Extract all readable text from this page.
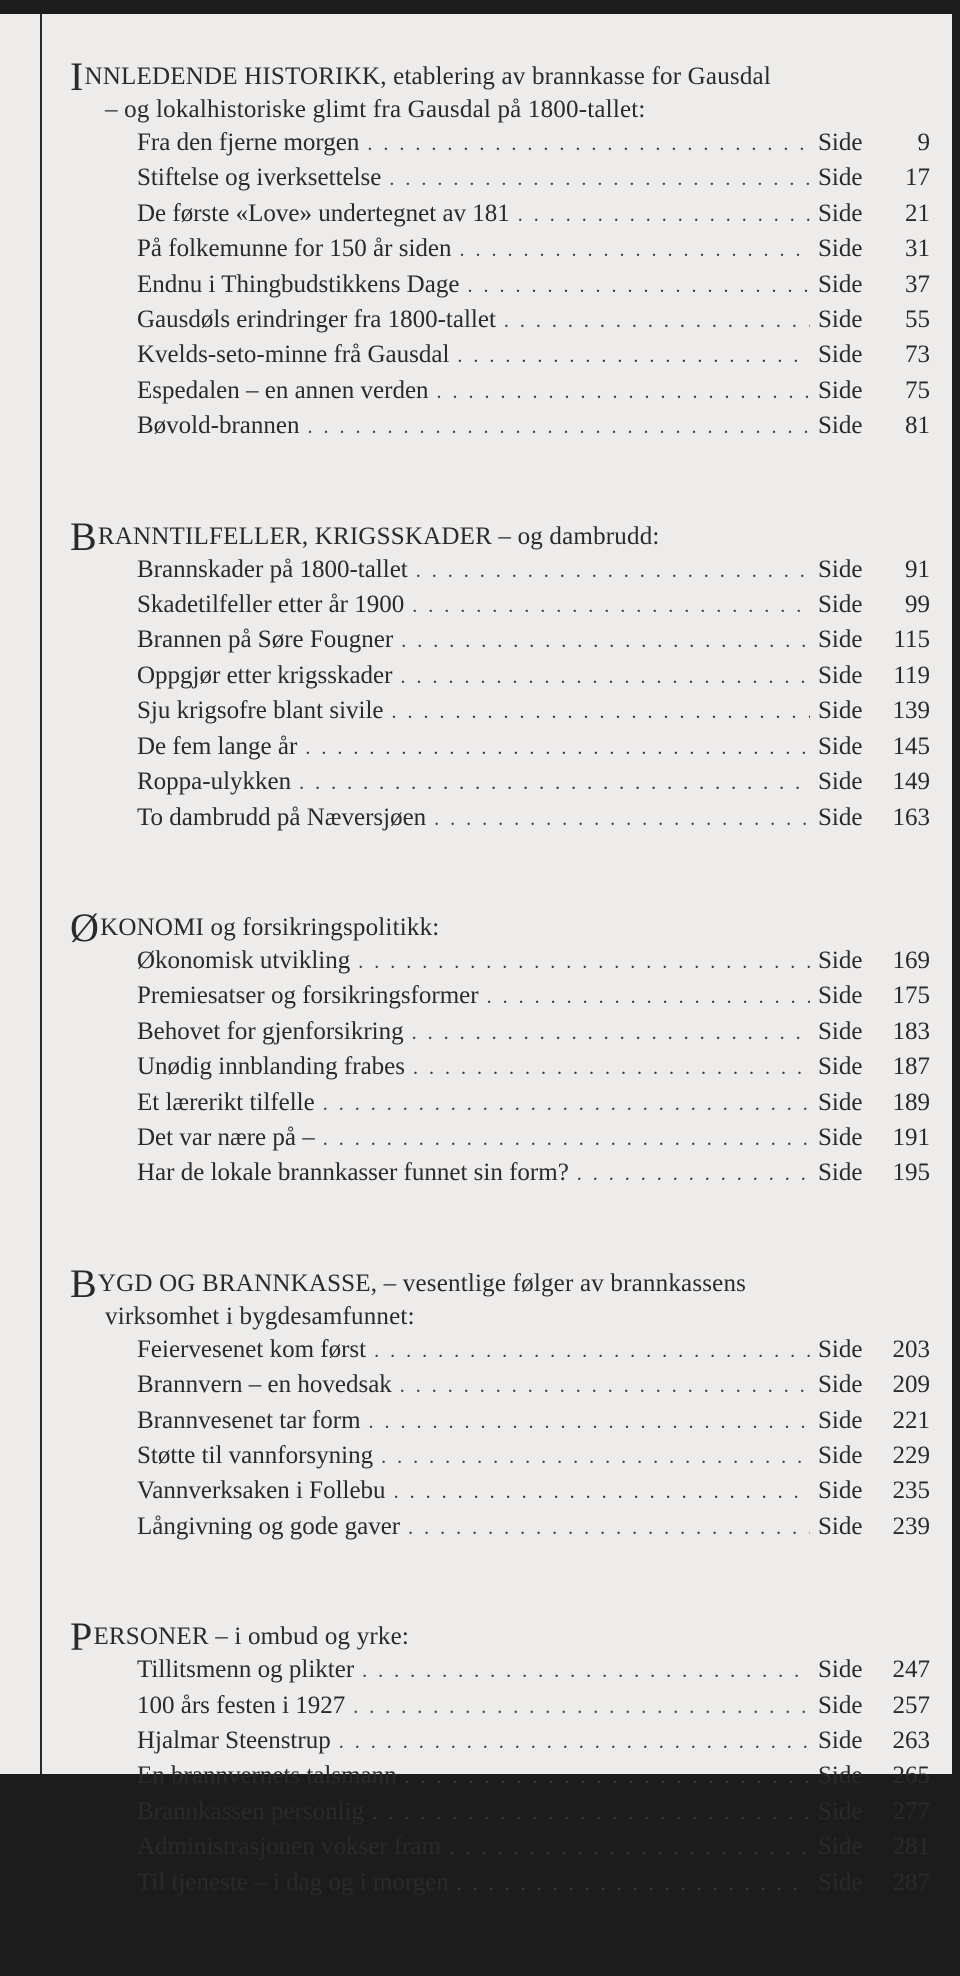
INNLEDENDE HISTORIKK, etablering av brannkasse for Gausdal
– og lokalhistoriske glimt fra Gausdal på 1800-tallet:
Fra den fjerne morgen . . .	Side	9
Stiftelse og iverksettelse . . .	Side	17
De første «Love» undertegnet av 181 . . .	Side	21
På folkemunne for 150 år siden . . .	Side	31
Endnu i Thingbudstikkens Dage . . .	Side	37
Gausdøls erindringer fra 1800-tallet . . .	Side	55
Kvelds-seto-minne frå Gausdal . . .	Side	73
Espedalen – en annen verden . . .	Side	75
Bøvold-brannen . . .	Side	81
BRANNTILFELLER, KRIGSSKADER – og dambrudd:
Brannskader på 1800-tallet . . .	Side	91
Skadetilfeller etter år 1900 . . .	Side	99
Brannen på Søre Fougner . . .	Side	115
Oppgjør etter krigsskader . . .	Side	119
Sju krigsofre blant sivile . . .	Side	139
De fem lange år . . .	Side	145
Roppa-ulykken . . .	Side	149
To dambrudd på Næversjøen . . .	Side	163
ØKONOMI og forsikringspolitikk:
Økonomisk utvikling . . .	Side	169
Premiesatser og forsikringsformer . . .	Side	175
Behovet for gjenforsikring . . .	Side	183
Unødig innblanding frabes . . .	Side	187
Et lærerikt tilfelle . . .	Side	189
Det var nære på – . . .	Side	191
Har de lokale brannkasser funnet sin form? . . .	Side	195
BYGD OG BRANNKASSE, – vesentlige følger av brannkassens
virksomhet i bygdesamfunnet:
Feiervesenet kom først . . .	Side	203
Brannvern – en hovedsak . . .	Side	209
Brannvesenet tar form . . .	Side	221
Støtte til vannforsyning . . .	Side	229
Vannverksaken i Follebu . . .	Side	235
Långivning og gode gaver . . .	Side	239
PERSONER – i ombud og yrke:
Tillitsmenn og plikter . . .	Side	247
100 års festen i 1927 . . .	Side	257
Hjalmar Steenstrup . . .	Side	263
En brannvernets talsmann . . .	Side	265
Brannkassen personlig . . .	Side	277
Administrasjonen vokser fram . . .	Side	281
Til tjeneste – i dag og i morgen . . .	Side	287
